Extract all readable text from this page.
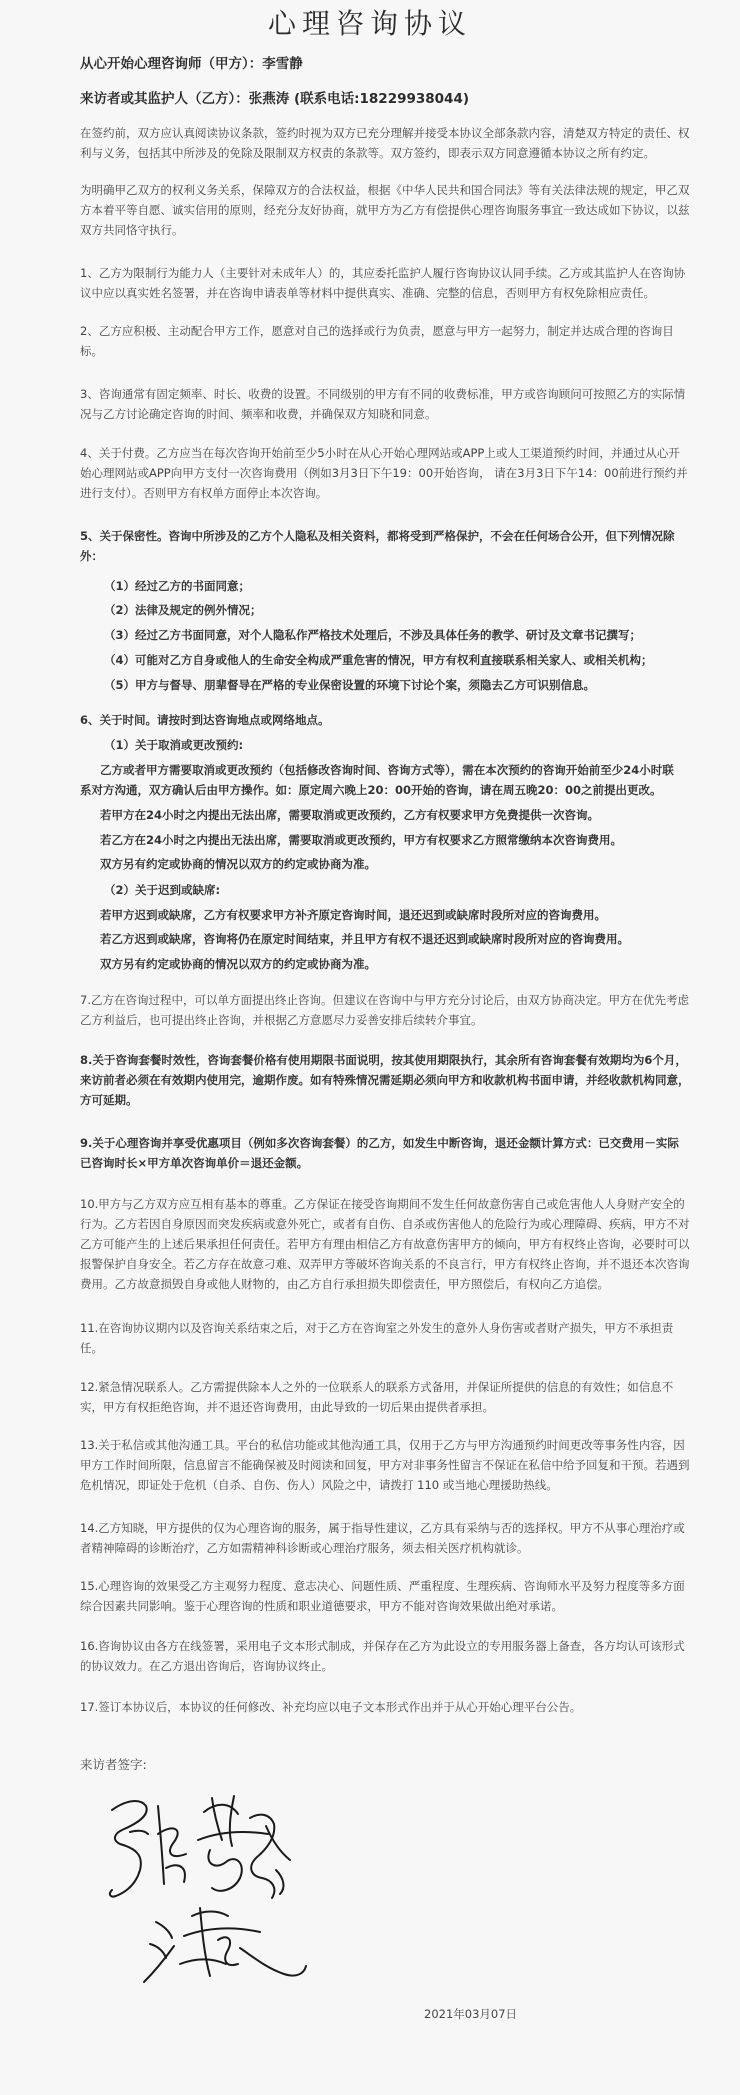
心理咨询协议
从心开始心理咨询师（甲方）：李雪静
来访者或其监护人（乙方）：张燕涛 (联系电话:18229938044)

在签约前，双方应认真阅读协议条款，签约时视为双方已充分理解并接受本协议全部条款内容，清楚双方特定的责任、权利与义务，包括其中所涉及的免除及限制双方权责的条款等。双方签约，即表示双方同意遵循本协议之所有约定。

为明确甲乙双方的权利义务关系，保障双方的合法权益，根据《中华人民共和国合同法》等有关法律法规的规定，甲乙双方本着平等自愿、诚实信用的原则，经充分友好协商，就甲方为乙方有偿提供心理咨询服务事宜一致达成如下协议，以兹双方共同恪守执行。

1、乙方为限制行为能力人（主要针对未成年人）的，其应委托监护人履行咨询协议认同手续。乙方或其监护人在咨询协议中应以真实姓名签署，并在咨询申请表单等材料中提供真实、准确、完整的信息，否则甲方有权免除相应责任。

2、乙方应积极、主动配合甲方工作，愿意对自己的选择或行为负责，愿意与甲方一起努力，制定并达成合理的咨询目标。

3、咨询通常有固定频率、时长、收费的设置。不同级别的甲方有不同的收费标准，甲方或咨询顾问可按照乙方的实际情况与乙方讨论确定咨询的时间、频率和收费，并确保双方知晓和同意。

4、关于付费。乙方应当在每次咨询开始前至少5小时在从心开始心理网站或APP上或人工渠道预约时间，并通过从心开始心理网站或APP向甲方支付一次咨询费用（例如3月3日下午19：00开始咨询， 请在3月3日下午14：00前进行预约并进行支付）。否则甲方有权单方面停止本次咨询。

5、关于保密性。咨询中所涉及的乙方个人隐私及相关资料，都将受到严格保护，不会在任何场合公开，但下列情况除外：

（1）经过乙方的书面同意；
（2）法律及规定的例外情况；
（3）经过乙方书面同意，对个人隐私作严格技术处理后，不涉及具体任务的教学、研讨及文章书记撰写；
（4）可能对乙方自身或他人的生命安全构成严重危害的情况，甲方有权利直接联系相关家人、或相关机构；
（5）甲方与督导、朋辈督导在严格的专业保密设置的环境下讨论个案，须隐去乙方可识别信息。
6、关于时间。请按时到达咨询地点或网络地点。
（1）关于取消或更改预约:
乙方或者甲方需要取消或更改预约（包括修改咨询时间、咨询方式等），需在本次预约的咨询开始前至少24小时联
系对方沟通，双方确认后由甲方操作。如：原定周六晚上20：00开始的咨询，请在周五晚20：00之前提出更改。
若甲方在24小时之内提出无法出席，需要取消或更改预约，乙方有权要求甲方免费提供一次咨询。
若乙方在24小时之内提出无法出席，需要取消或更改预约，甲方有权要求乙方照常缴纳本次咨询费用。
双方另有约定或协商的情况以双方的约定或协商为准。
（2）关于迟到或缺席:
若甲方迟到或缺席，乙方有权要求甲方补齐原定咨询时间，退还迟到或缺席时段所对应的咨询费用。
若乙方迟到或缺席，咨询将仍在原定时间结束，并且甲方有权不退还迟到或缺席时段所对应的咨询费用。
双方另有约定或协商的情况以双方的约定或协商为准。

7.乙方在咨询过程中，可以单方面提出终止咨询。但建议在咨询中与甲方充分讨论后，由双方协商决定。甲方在优先考虑乙方利益后，也可提出终止咨询，并根据乙方意愿尽力妥善安排后续转介事宜。

8.关于咨询套餐时效性，咨询套餐价格有使用期限书面说明，按其使用期限执行，其余所有咨询套餐有效期均为6个月，来访前者必须在有效期内使用完，逾期作废。如有特殊情况需延期必须向甲方和收款机构书面申请，并经收款机构同意，方可延期。

9.关于心理咨询并享受优惠项目（例如多次咨询套餐）的乙方，如发生中断咨询，退还金额计算方式：已交费用－实际已咨询时长×甲方单次咨询单价＝退还金额。

10.甲方与乙方双方应互相有基本的尊重。乙方保证在接受咨询期间不发生任何故意伤害自己或危害他人人身财产安全的行为。乙方若因自身原因而突发疾病或意外死亡，或者有自伤、自杀或伤害他人的危险行为或心理障碍、疾病，甲方不对乙方可能产生的上述后果承担任何责任。若甲方有理由相信乙方有故意伤害甲方的倾向，甲方有权终止咨询，必要时可以报警保护自身安全。若乙方存在故意刁难、双弄甲方等破坏咨询关系的不良言行，甲方有权终止咨询，并不退还本次咨询费用。乙方故意损毁自身或他人财物的，由乙方自行承担损失即偿责任，甲方照偿后，有权向乙方追偿。

11.在咨询协议期内以及咨询关系结束之后，对于乙方在咨询室之外发生的意外人身伤害或者财产损失，甲方不承担责任。

12.紧急情况联系人。乙方需提供除本人之外的一位联系人的联系方式备用，并保证所提供的信息的有效性；如信息不实，甲方有权拒绝咨询，并不退还咨询费用，由此导致的一切后果由提供者承担。

13.关于私信或其他沟通工具。平台的私信功能或其他沟通工具，仅用于乙方与甲方沟通预约时间更改等事务性内容，因甲方工作时间所限，信息留言不能确保被及时阅读和回复，甲方对非事务性留言不保证在私信中给予回复和干预。若遇到危机情况，即证处于危机（自杀、自伤、伤人）风险之中，请拨打 110 或当地心理援助热线。

14.乙方知晓，甲方提供的仅为心理咨询的服务，属于指导性建议，乙方具有采纳与否的选择权。甲方不从事心理治疗或者精神障碍的诊断治疗，乙方如需精神科诊断或心理治疗服务，须去相关医疗机构就诊。

15.心理咨询的效果受乙方主观努力程度、意志决心、问题性质、严重程度、生理疾病、咨询师水平及努力程度等多方面综合因素共同影响。鉴于心理咨询的性质和职业道德要求，甲方不能对咨询效果做出绝对承诺。

16.咨询协议由各方在线签署，采用电子文本形式制成，并保存在乙方为此设立的专用服务器上备查，各方均认可该形式的协议效力。在乙方退出咨询后，咨询协议终止。

17.签订本协议后，本协议的任何修改、补充均应以电子文本形式作出并于从心开始心理平台公告。

来访者签字:
2021年03月07日
